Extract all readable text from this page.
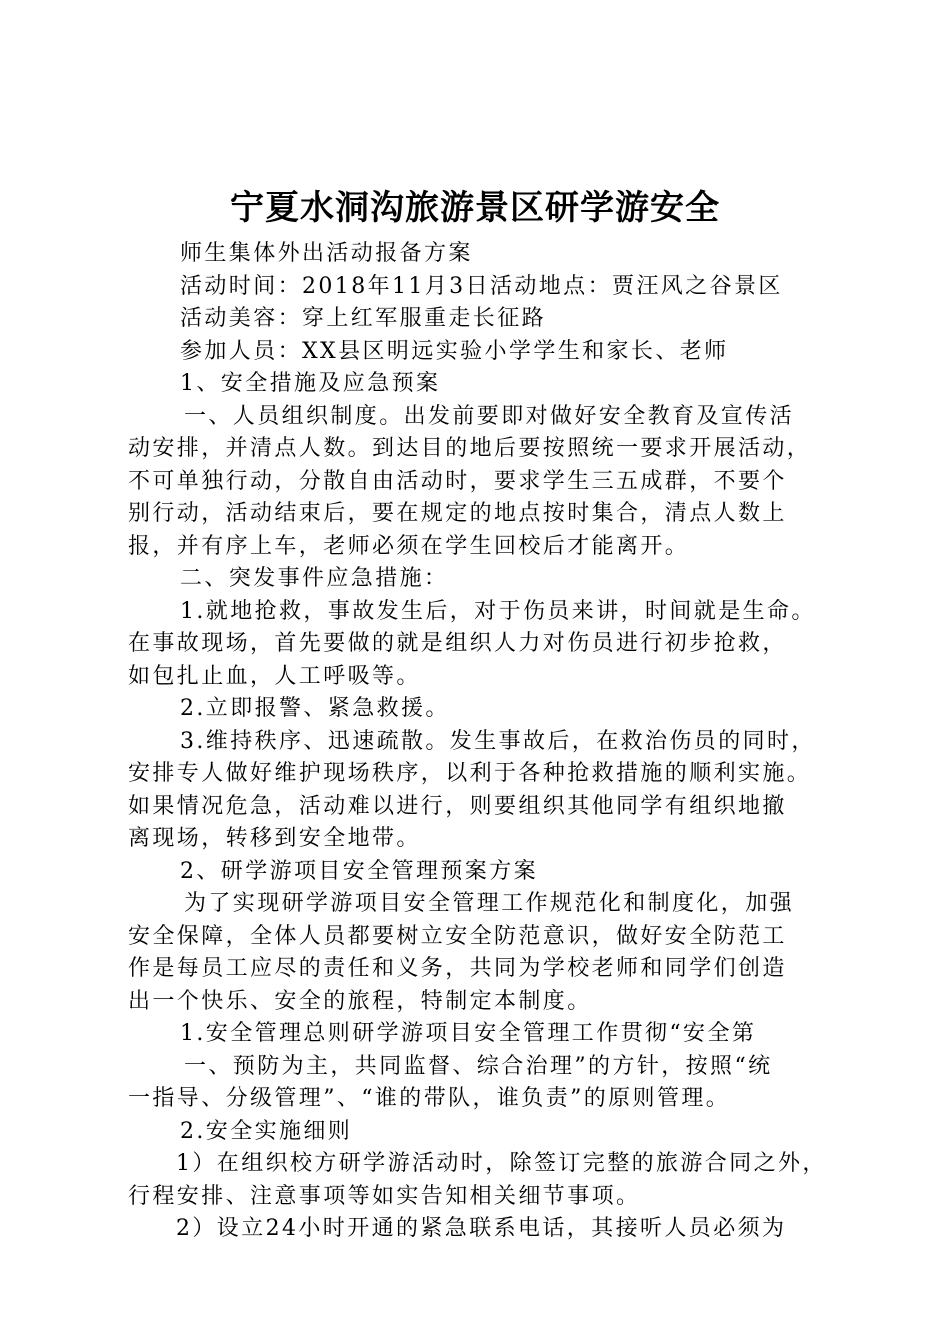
宁夏水洞沟旅游景区研学游安全
师生集体外出活动报备方案
活动时间：2018年11月3日活动地点：贾汪风之谷景区
活动美容：穿上红军服重走长征路
参加人员：XX县区明远实验小学学生和家长、老师
1、安全措施及应急预案
一、人员组织制度。出发前要即对做好安全教育及宣传活
动安排，并清点人数。到达目的地后要按照统一要求开展活动，
不可单独行动，分散自由活动时，要求学生三五成群，不要个
别行动，活动结束后，要在规定的地点按时集合，清点人数上
报，并有序上车，老师必须在学生回校后才能离开。
二、突发事件应急措施：
1.就地抢救，事故发生后，对于伤员来讲，时间就是生命。
在事故现场，首先要做的就是组织人力对伤员进行初步抢救，
如包扎止血，人工呼吸等。
2.立即报警、紧急救援。
3.维持秩序、迅速疏散。发生事故后，在救治伤员的同时，
安排专人做好维护现场秩序，以利于各种抢救措施的顺利实施。
如果情况危急，活动难以进行，则要组织其他同学有组织地撤
离现场，转移到安全地带。
2、研学游项目安全管理预案方案
为了实现研学游项目安全管理工作规范化和制度化，加强
安全保障，全体人员都要树立安全防范意识，做好安全防范工
作是每员工应尽的责任和义务，共同为学校老师和同学们创造
出一个快乐、安全的旅程，特制定本制度。
1.安全管理总则研学游项目安全管理工作贯彻“安全第
一、预防为主，共同监督、综合治理”的方针，按照“统
一指导、分级管理”、“谁的带队，谁负责”的原则管理。
2.安全实施细则
1）在组织校方研学游活动时，除签订完整的旅游合同之外，
行程安排、注意事项等如实告知相关细节事项。
2）设立24小时开通的紧急联系电话，其接听人员必须为
